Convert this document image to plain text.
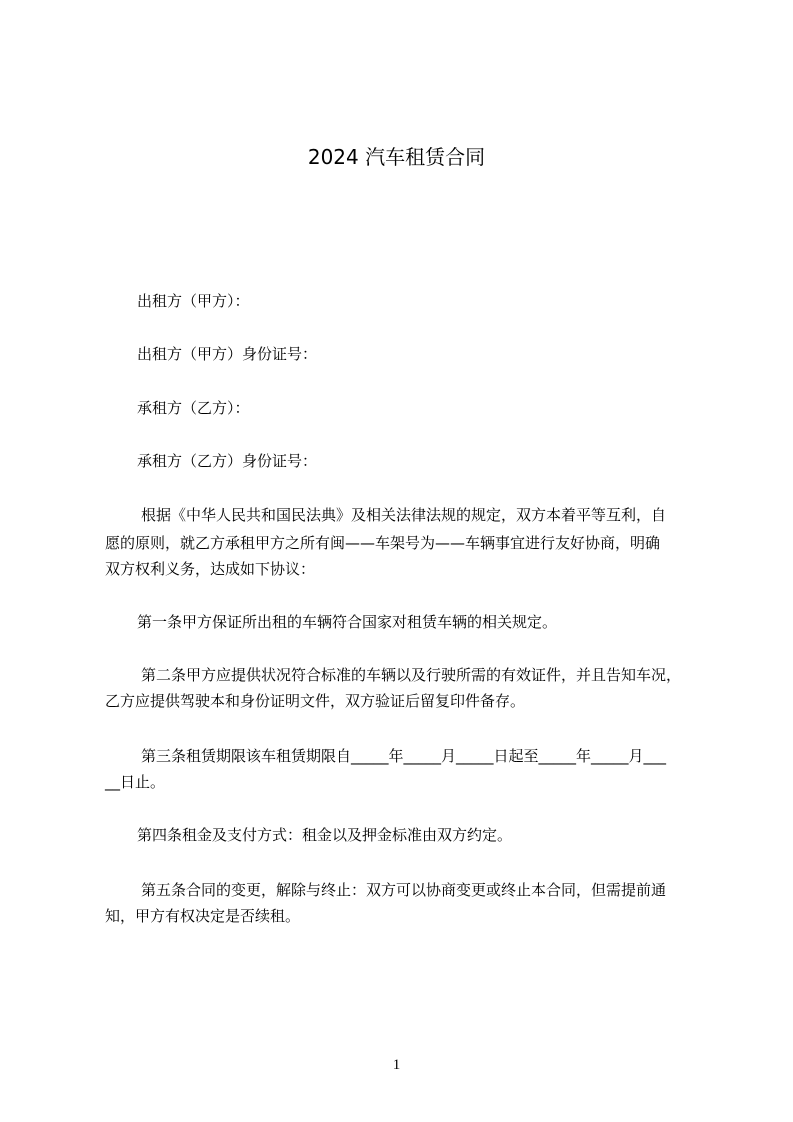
2024 汽车租赁合同
出租方（甲方）：
出租方（甲方）身份证号：
承租方（乙方）：
承租方（乙方）身份证号：
根据《中华人民共和国民法典》及相关法律法规的规定，双方本着平等互利，自
愿的原则，就乙方承租甲方之所有闽——车架号为——车辆事宜进行友好协商，明确
双方权利义务，达成如下协议：
第一条甲方保证所出租的车辆符合国家对租赁车辆的相关规定。
第二条甲方应提供状况符合标准的车辆以及行驶所需的有效证件，并且告知车况，
乙方应提供驾驶本和身份证明文件，双方验证后留复印件备存。
第三条租赁期限该车租赁期限自_____年_____月_____日起至_____年_____月___
__日止。
第四条租金及支付方式：租金以及押金标准由双方约定。
第五条合同的变更，解除与终止：双方可以协商变更或终止本合同，但需提前通
知，甲方有权决定是否续租。
1
